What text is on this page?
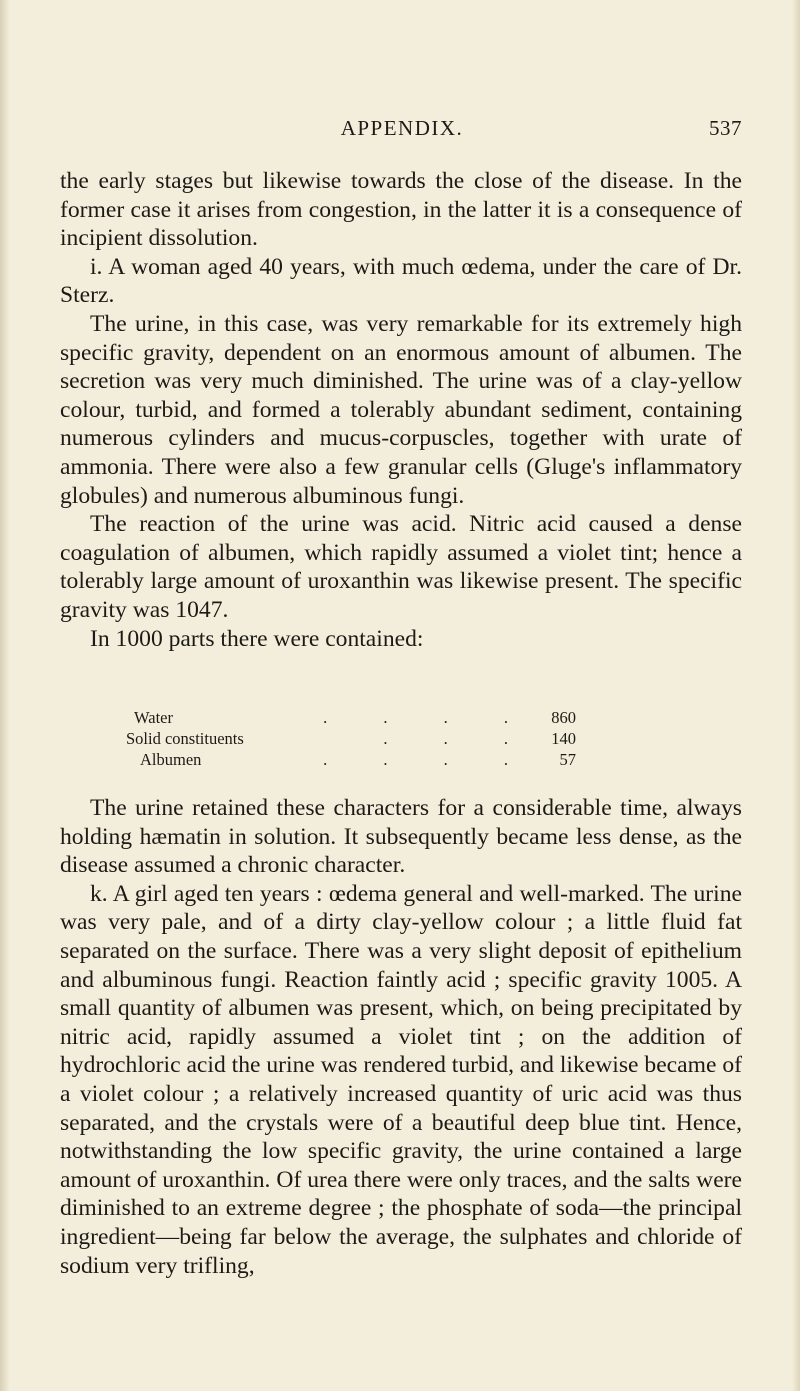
APPENDIX.	537

the early stages but likewise towards the close of the disease. In the former case it arises from congestion, in the latter it is a consequence of incipient dissolution.

i. A woman aged 40 years, with much œdema, under the care of Dr. Sterz.

The urine, in this case, was very remarkable for its extremely high specific gravity, dependent on an enormous amount of albumen. The secretion was very much diminished. The urine was of a clay-yellow colour, turbid, and formed a tolerably abundant sediment, containing numerous cylinders and mucus-corpuscles, together with urate of ammonia. There were also a few granular cells (Gluge's inflammatory globules) and numerous albuminous fungi.

The reaction of the urine was acid. Nitric acid caused a dense coagulation of albumen, which rapidly assumed a violet tint; hence a tolerably large amount of uroxanthin was likewise present. The specific gravity was 1047.

In 1000 parts there were contained:

Water	. . . .	860
Solid constituents	. . .	140
Albumen	. . . .	57

The urine retained these characters for a considerable time, always holding hæmatin in solution. It subsequently became less dense, as the disease assumed a chronic character.

k. A girl aged ten years : œdema general and well-marked. The urine was very pale, and of a dirty clay-yellow colour ; a little fluid fat separated on the surface. There was a very slight deposit of epithelium and albuminous fungi. Reaction faintly acid ; specific gravity 1005. A small quantity of albumen was present, which, on being precipitated by nitric acid, rapidly assumed a violet tint ; on the addition of hydrochloric acid the urine was rendered turbid, and likewise became of a violet colour ; a relatively increased quantity of uric acid was thus separated, and the crystals were of a beautiful deep blue tint. Hence, notwithstanding the low specific gravity, the urine contained a large amount of uroxanthin. Of urea there were only traces, and the salts were diminished to an extreme degree ; the phosphate of soda—the principal ingredient—being far below the average, the sulphates and chloride of sodium very trifling,
